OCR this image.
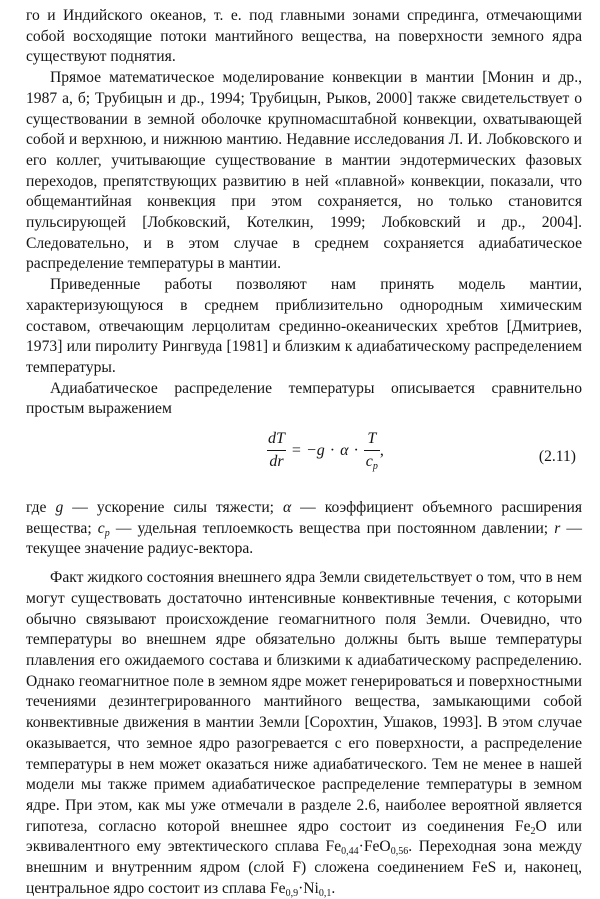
го и Индийского океанов, т. е. под главными зонами спрединга, отмечающими собой восходящие потоки мантийного вещества, на поверхности земного ядра существуют поднятия.

Прямое математическое моделирование конвекции в мантии [Монин и др., 1987 а, б; Трубицын и др., 1994; Трубицын, Рыков, 2000] также свидетельствует о существовании в земной оболочке крупномасштабной конвекции, охватывающей собой и верхнюю, и нижнюю мантию. Недавние исследования Л. И. Лобковского и его коллег, учитывающие существование в мантии эндотермических фазовых переходов, препятствующих развитию в ней «плавной» конвекции, показали, что общемантийная конвекция при этом сохраняется, но только становится пульсирующей [Лобковский, Котелкин, 1999; Лобковский и др., 2004]. Следовательно, и в этом случае в среднем сохраняется адиабатическое распределение температуры в мантии.

Приведенные работы позволяют нам принять модель мантии, характеризующуюся в среднем приблизительно однородным химическим составом, отвечающим лерцолитам срединно-океанических хребтов [Дмитриев, 1973] или пиролиту Рингвуда [1981] и близким к адиабатическому распределением температуры.

Адиабатическое распределение температуры описывается сравнительно простым выражением

$\frac{dT}{dr} = -g \cdot \alpha \cdot \frac{T}{c_p}$ ,	(2.11)

где g — ускорение силы тяжести; α — коэффициент объемного расширения вещества; $c_p$ — удельная теплоемкость вещества при постоянном давлении; r — текущее значение радиус-вектора.

Факт жидкого состояния внешнего ядра Земли свидетельствует о том, что в нем могут существовать достаточно интенсивные конвективные течения, с которыми обычно связывают происхождение геомагнитного поля Земли. Очевидно, что температуры во внешнем ядре обязательно должны быть выше температуры плавления его ожидаемого состава и близкими к адиабатическому распределению. Однако геомагнитное поле в земном ядре может генерироваться и поверхностными течениями дезинтегрированного мантийного вещества, замыкающими собой конвективные движения в мантии Земли [Сорохтин, Ушаков, 1993]. В этом случае оказывается, что земное ядро разогревается с его поверхности, а распределение температуры в нем может оказаться ниже адиабатического. Тем не менее в нашей модели мы также примем адиабатическое распределение температуры в земном ядре. При этом, как мы уже отмечали в разделе 2.6, наиболее вероятной является гипотеза, согласно которой внешнее ядро состоит из соединения $Fe_2O$ или эквивалентного ему эвтектического сплава $Fe_{0,44}\cdot FeO_{0,56}$. Переходная зона между внешним и внутренним ядром (слой F) сложена соединением FeS и, наконец, центральное ядро состоит из сплава $Fe_{0,9}\cdot Ni_{0,1}$.
